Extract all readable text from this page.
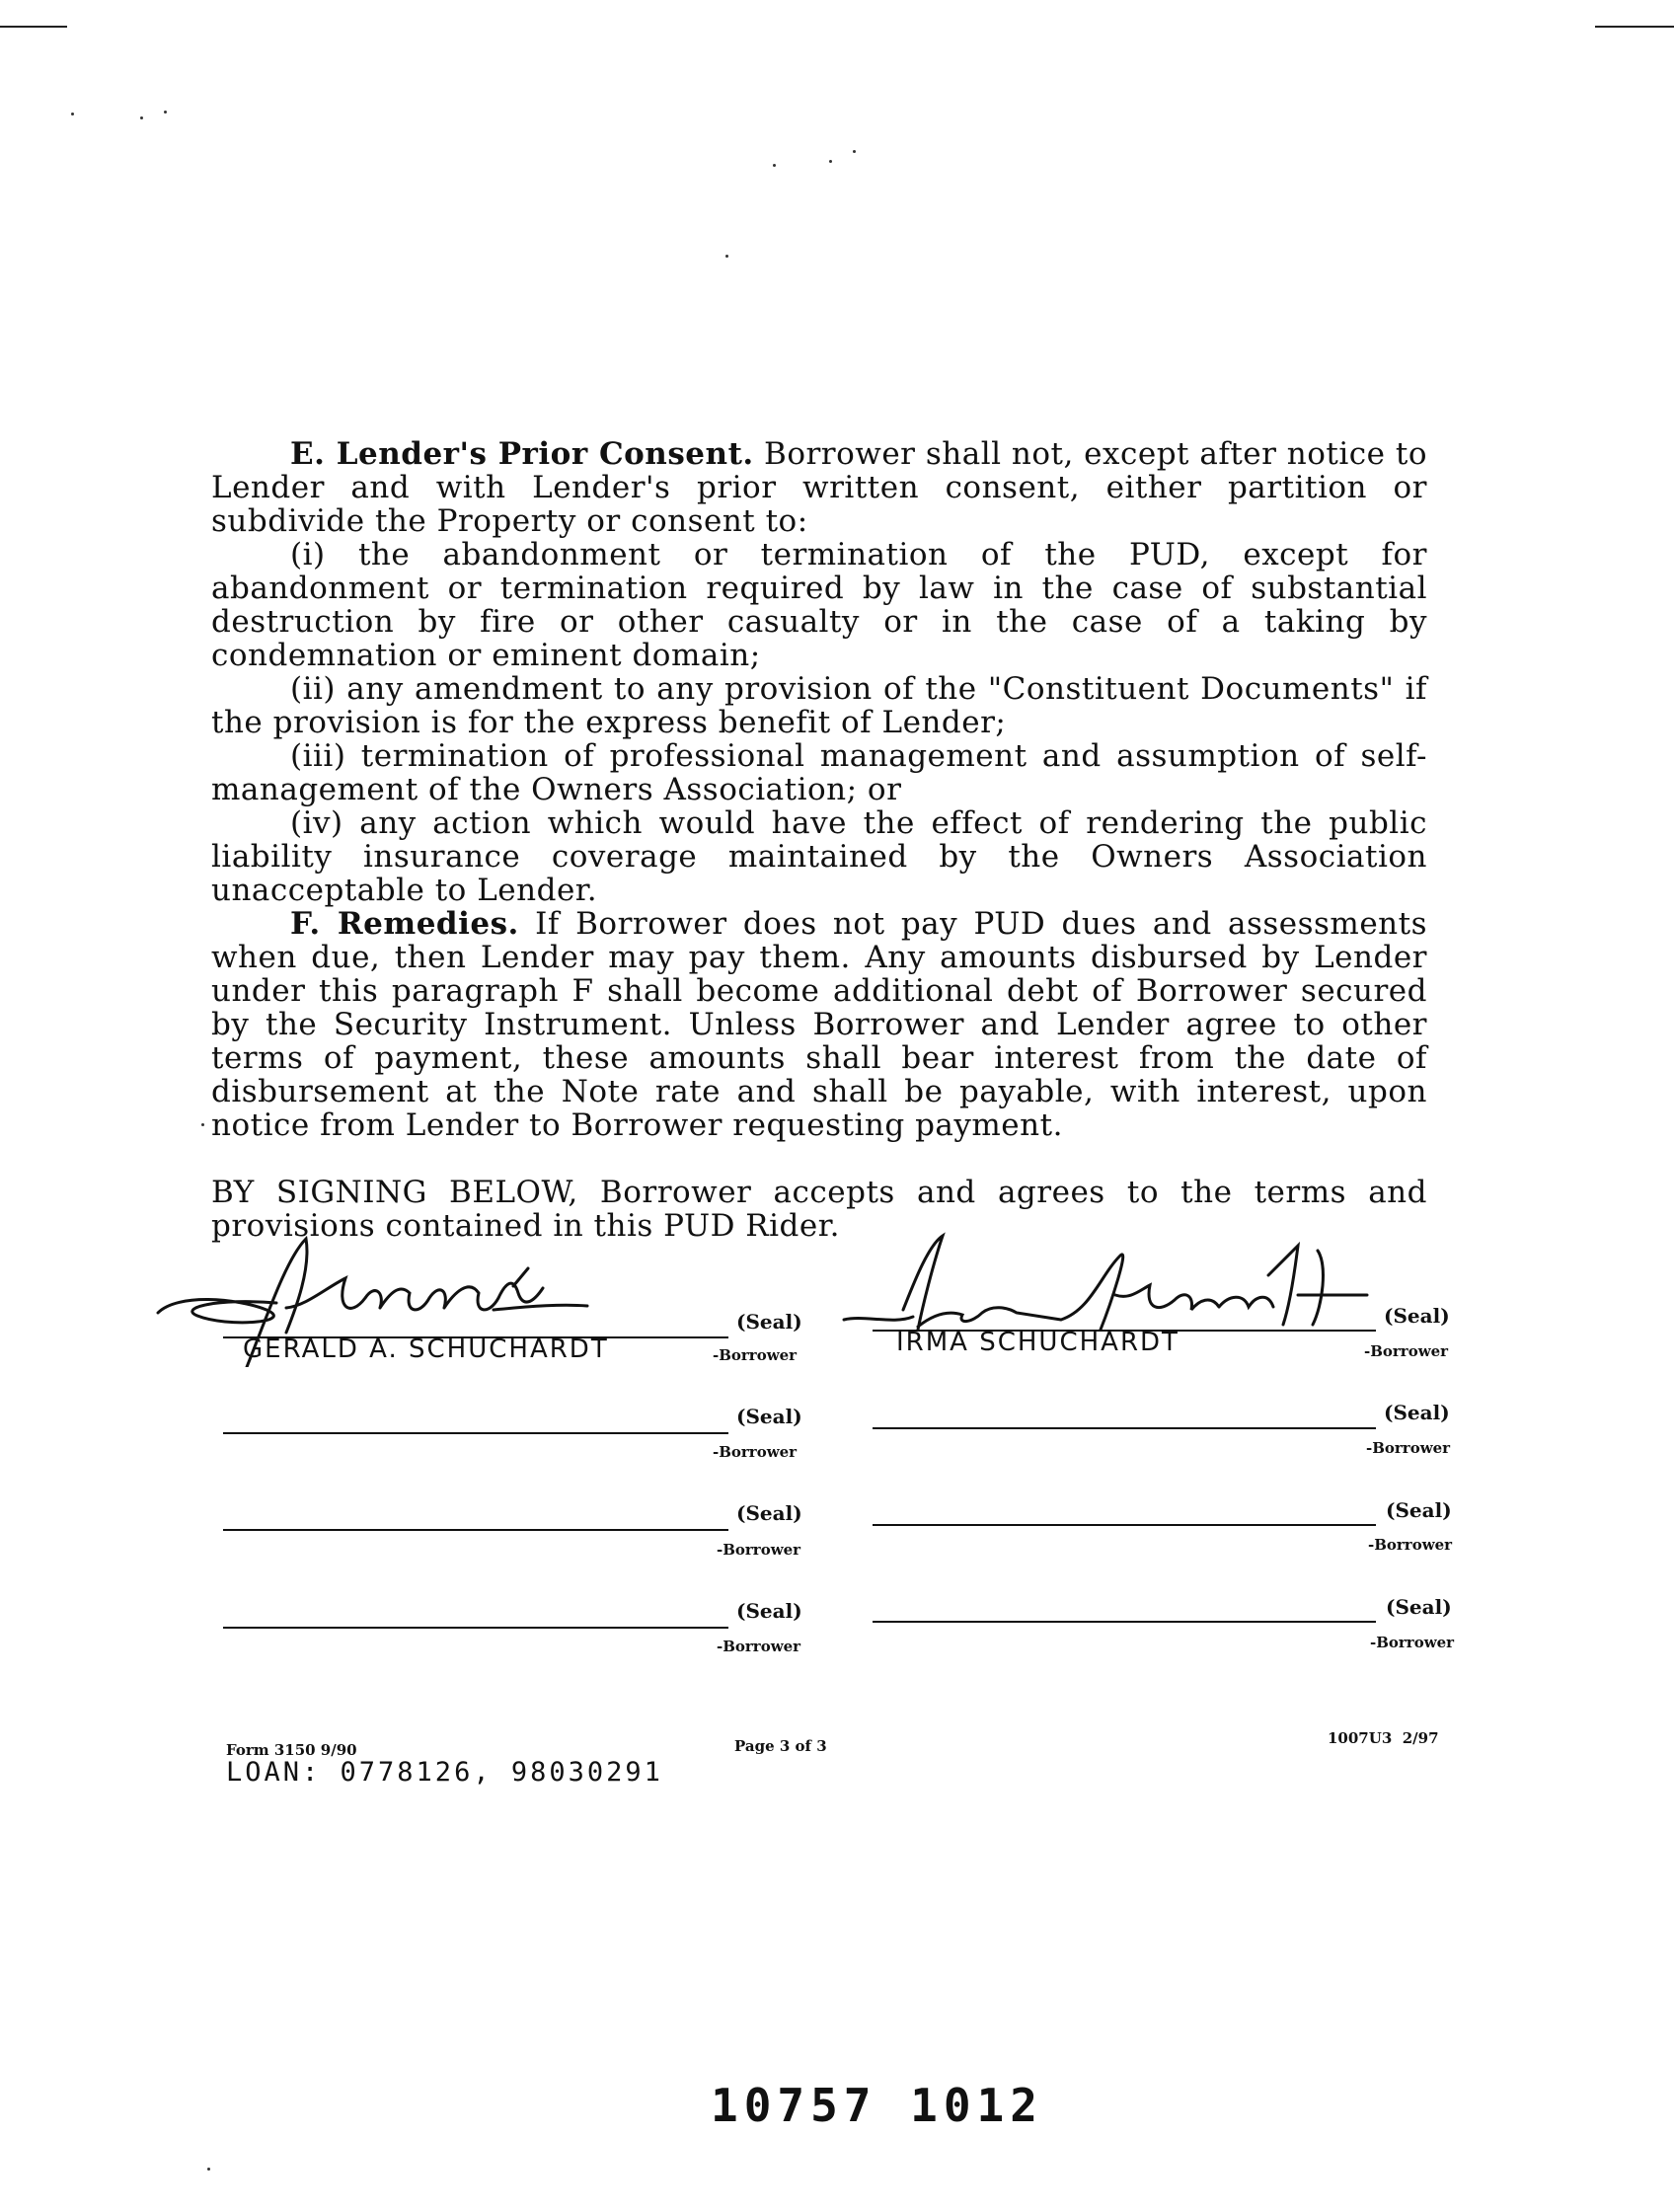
E. Lender's Prior Consent. Borrower shall not, except after notice to Lender and with Lender's prior written consent, either partition or subdivide the Property or consent to:

(i) the abandonment or termination of the PUD, except for abandonment or termination required by law in the case of substantial destruction by fire or other casualty or in the case of a taking by condemnation or eminent domain;

(ii) any amendment to any provision of the "Constituent Documents" if the provision is for the express benefit of Lender;

(iii) termination of professional management and assumption of self-management of the Owners Association; or

(iv) any action which would have the effect of rendering the public liability insurance coverage maintained by the Owners Association unacceptable to Lender.

F. Remedies. If Borrower does not pay PUD dues and assessments when due, then Lender may pay them. Any amounts disbursed by Lender under this paragraph F shall become additional debt of Borrower secured by the Security Instrument. Unless Borrower and Lender agree to other terms of payment, these amounts shall bear interest from the date of disbursement at the Note rate and shall be payable, with interest, upon notice from Lender to Borrower requesting payment.

BY SIGNING BELOW, Borrower accepts and agrees to the terms and provisions contained in this PUD Rider.

(Seal)
GERALD A. SCHUCHARDT	-Borrower
(Seal)
IRMA SCHUCHARDT	-Borrower
(Seal)
-Borrower
(Seal)
-Borrower
(Seal)
-Borrower
(Seal)
-Borrower
(Seal)
-Borrower
(Seal)
-Borrower
Form 3150 9/90	Page 3 of 3	1007U3  2/97
LOAN: 0778126, 98030291
10757 1012
